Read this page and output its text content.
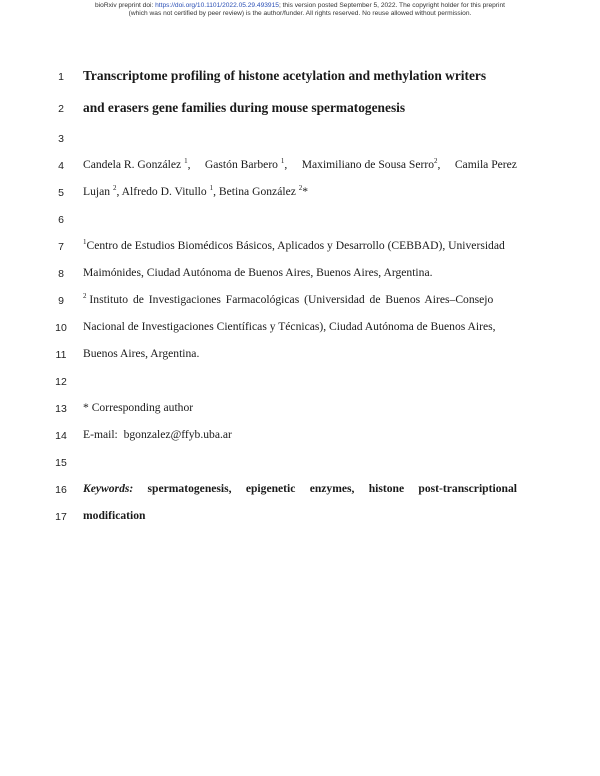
bioRxiv preprint doi: https://doi.org/10.1101/2022.05.29.493915; this version posted September 5, 2022. The copyright holder for this preprint
(which was not certified by peer review) is the author/funder. All rights reserved. No reuse allowed without permission.
1
2
3
4
5
6
7
8
9
10
11
12
13
14
15
16
17
Transcriptome profiling of histone acetylation and methylation writers
and erasers gene families during mouse spermatogenesis
Candela R. González $^1$, Gastón Barbero $^1$, Maximiliano de Sousa Serro$^2$, Camila Perez
Lujan $^2$, Alfredo D. Vitullo $^1$, Betina González $^2$*
$^1$Centro de Estudios Biomédicos Básicos, Aplicados y Desarrollo (CEBBAD), Universidad
Maimónides, Ciudad Autónoma de Buenos Aires, Buenos Aires, Argentina.
$^2$ Instituto de Investigaciones Farmacológicas (Universidad de Buenos Aires–Consejo
Nacional de Investigaciones Científicas y Técnicas), Ciudad Autónoma de Buenos Aires,
Buenos Aires, Argentina.
* Corresponding author
E-mail: bgonzalez@ffyb.uba.ar
Keywords: spermatogenesis, epigenetic enzymes, histone post-transcriptional
modification
